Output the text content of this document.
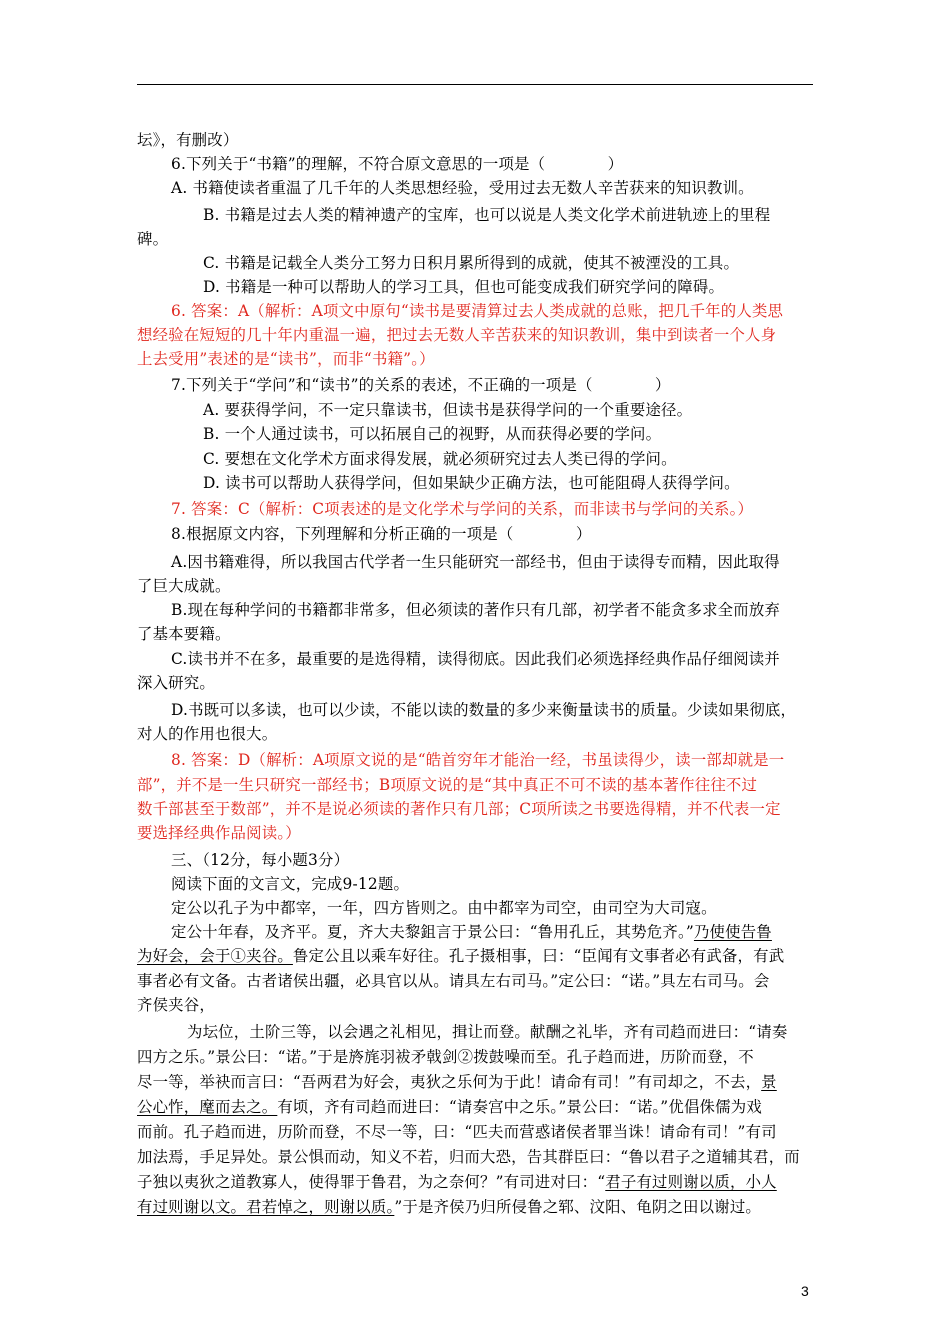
坛》，有删改）
6.下列关于“书籍”的理解，不符合原文意思的一项是（　　　　）
A. 书籍使读者重温了几千年的人类思想经验，受用过去无数人辛苦获来的知识教训。
B. 书籍是过去人类的精神遗产的宝库，也可以说是人类文化学术前进轨迹上的里程
碑。
C. 书籍是记载全人类分工努力日积月累所得到的成就，使其不被湮没的工具。
D. 书籍是一种可以帮助人的学习工具，但也可能变成我们研究学问的障碍。
6. 答案：A（解析：A项文中原句“读书是要清算过去人类成就的总账，把几千年的人类思
想经验在短短的几十年内重温一遍，把过去无数人辛苦获来的知识教训，集中到读者一个人身
上去受用”表述的是“读书”，而非“书籍”。）
7.下列关于“学问”和“读书”的关系的表述，不正确的一项是（　　　　）
A. 要获得学问，不一定只靠读书，但读书是获得学问的一个重要途径。
B. 一个人通过读书，可以拓展自己的视野，从而获得必要的学问。
C. 要想在文化学术方面求得发展，就必须研究过去人类已得的学问。
D. 读书可以帮助人获得学问，但如果缺少正确方法，也可能阻碍人获得学问。
7. 答案：C（解析：C项表述的是文化学术与学问的关系，而非读书与学问的关系。）
8.根据原文内容，下列理解和分析正确的一项是（　　　　）
A.因书籍难得，所以我国古代学者一生只能研究一部经书，但由于读得专而精，因此取得
了巨大成就。
B.现在每种学问的书籍都非常多，但必须读的著作只有几部，初学者不能贪多求全而放弃
了基本要籍。
C.读书并不在多，最重要的是选得精，读得彻底。因此我们必须选择经典作品仔细阅读并
深入研究。
D.书既可以多读，也可以少读，不能以读的数量的多少来衡量读书的质量。少读如果彻底，
对人的作用也很大。
8. 答案：D（解析：A项原文说的是“皓首穷年才能治一经，书虽读得少，读一部却就是一
部”，并不是一生只研究一部经书；B项原文说的是“其中真正不可不读的基本著作往往不过
数千部甚至于数部”，并不是说必须读的著作只有几部；C项所读之书要选得精，并不代表一定
要选择经典作品阅读。）
三、（12分，每小题3分）
阅读下面的文言文，完成9-12题。
定公以孔子为中都宰，一年，四方皆则之。由中都宰为司空，由司空为大司寇。
定公十年春，及齐平。夏，齐大夫黎鉏言于景公曰：“鲁用孔丘，其势危齐。”乃使使告鲁
为好会，会于①夹谷。鲁定公且以乘车好往。孔子摄相事，曰：“臣闻有文事者必有武备，有武
事者必有文备。古者诸侯出疆，必具官以从。请具左右司马。”定公曰：“诺。”具左右司马。会
齐侯夹谷，
为坛位，土阶三等，以会遇之礼相见，揖让而登。献酬之礼毕，齐有司趋而进曰：“请奏
四方之乐。”景公曰：“诺。”于是旍旄羽袚矛戟剑②拨鼓噪而至。孔子趋而进，历阶而登，不
尽一等，举袂而言曰：“吾两君为好会，夷狄之乐何为于此！请命有司！”有司却之，不去，景
公心怍，麾而去之。有顷，齐有司趋而进曰：“请奏宫中之乐。”景公曰：“诺。”优倡侏儒为戏
而前。孔子趋而进，历阶而登，不尽一等，曰：“匹夫而营惑诸侯者罪当诛！请命有司！”有司
加法焉，手足异处。景公惧而动，知义不若，归而大恐，告其群臣曰：“鲁以君子之道辅其君，而
子独以夷狄之道教寡人，使得罪于鲁君，为之奈何？”有司进对曰：“君子有过则谢以质，小人
有过则谢以文。君若悼之，则谢以质。”于是齐侯乃归所侵鲁之郓、汶阳、龟阴之田以谢过。
3
